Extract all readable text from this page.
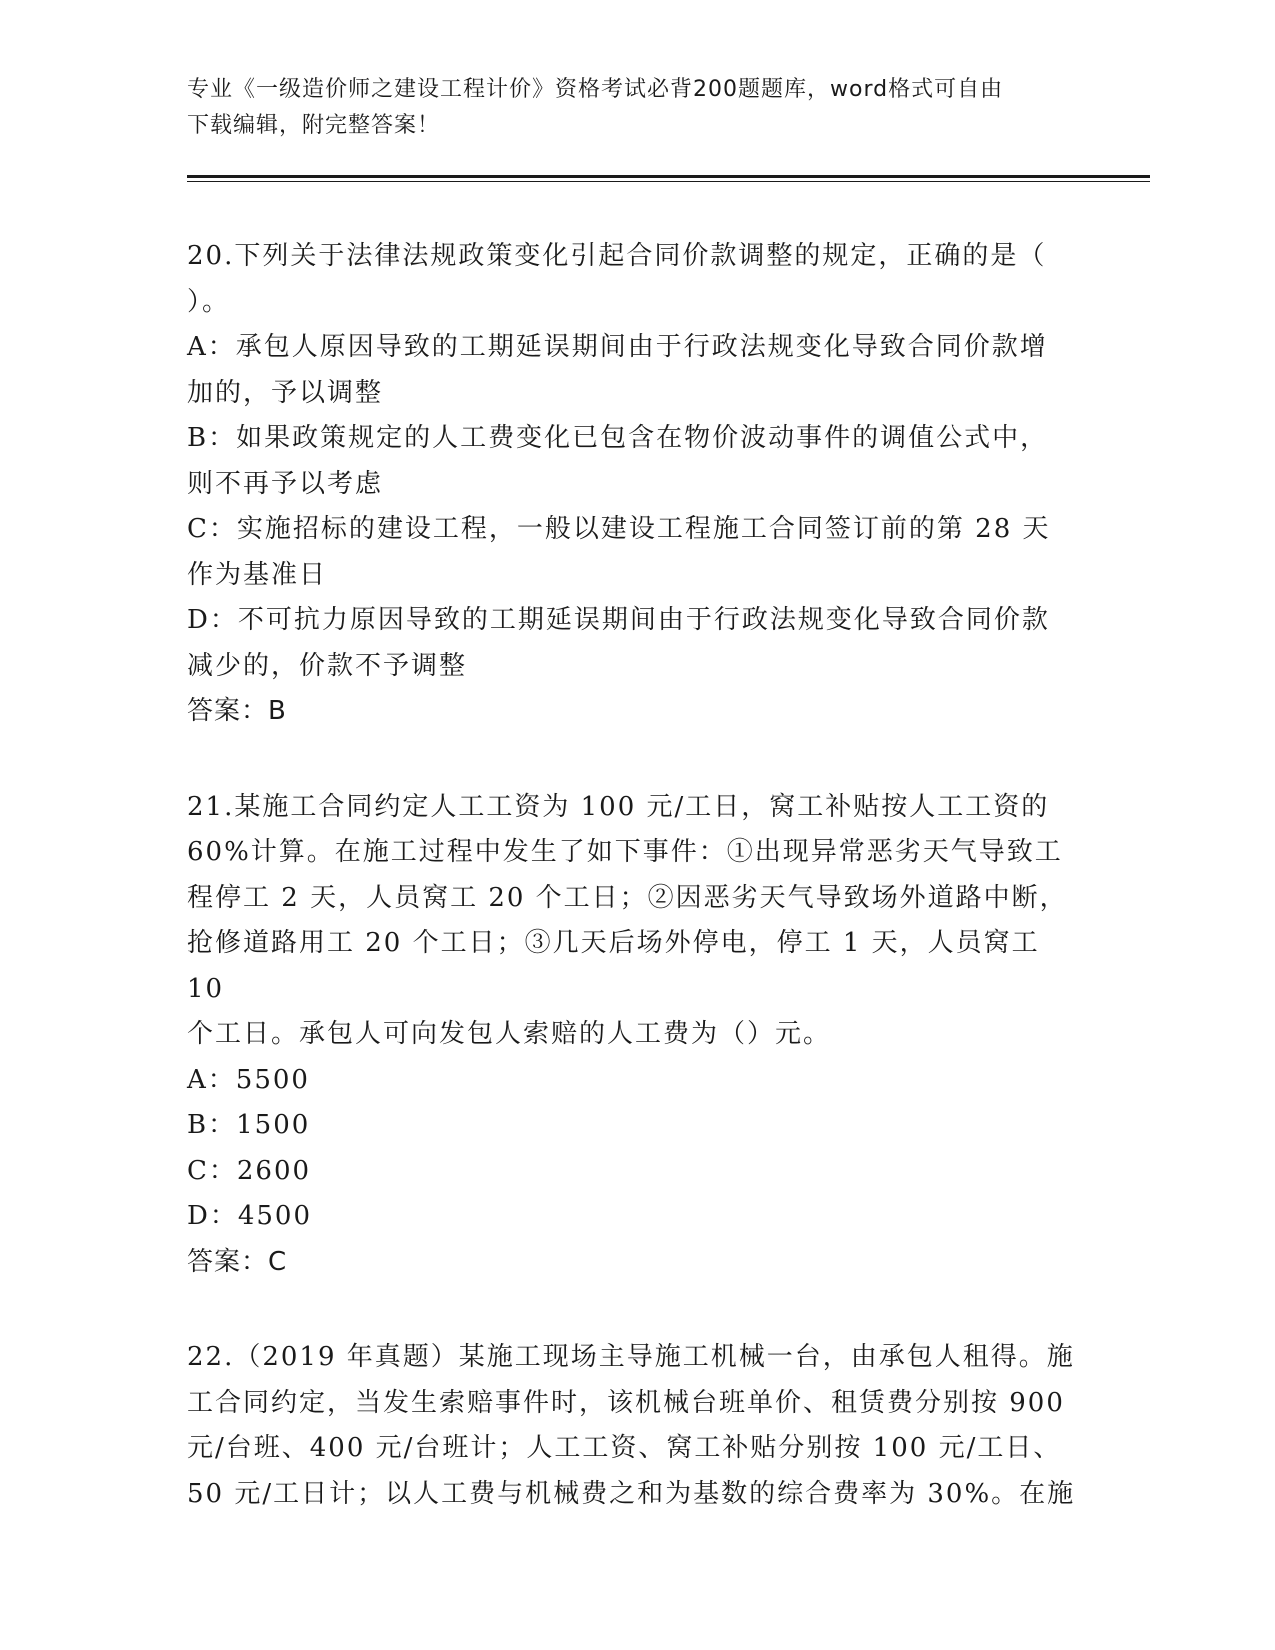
专业《一级造价师之建设工程计价》资格考试必背200题题库，word格式可自由
下载编辑，附完整答案！

20.下列关于法律法规政策变化引起合同价款调整的规定，正确的是（

）。

A：承包人原因导致的工期延误期间由于行政法规变化导致合同价款增

加的，予以调整

B：如果政策规定的人工费变化已包含在物价波动事件的调值公式中，

则不再予以考虑

C：实施招标的建设工程，一般以建设工程施工合同签订前的第 28 天

作为基准日

D：不可抗力原因导致的工期延误期间由于行政法规变化导致合同价款

减少的，价款不予调整

答案：B

21.某施工合同约定人工工资为 100 元/工日，窝工补贴按人工工资的

60%计算。在施工过程中发生了如下事件：①出现异常恶劣天气导致工

程停工 2 天，人员窝工 20 个工日；②因恶劣天气导致场外道路中断，

抢修道路用工 20 个工日；③几天后场外停电，停工 1 天，人员窝工 10

个工日。承包人可向发包人索赔的人工费为（）元。

A：5500

B：1500

C：2600

D：4500

答案：C

22.（2019 年真题）某施工现场主导施工机械一台，由承包人租得。施

工合同约定，当发生索赔事件时，该机械台班单价、租赁费分别按 900

元/台班、400 元/台班计；人工工资、窝工补贴分别按 100 元/工日、

50 元/工日计；以人工费与机械费之和为基数的综合费率为 30%。在施
